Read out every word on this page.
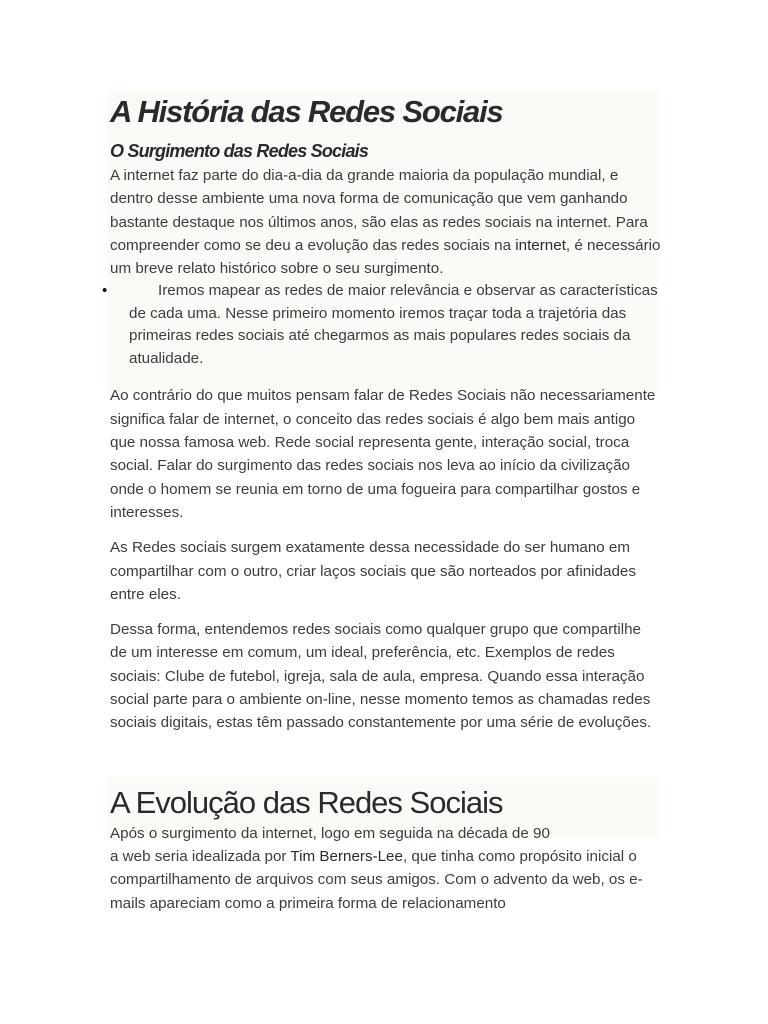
A História das Redes Sociais
O Surgimento das Redes Sociais

A internet faz parte do dia-a-dia da grande maioria da população mundial, e dentro desse ambiente uma nova forma de comunicação que vem ganhando bastante destaque nos últimos anos, são elas as redes sociais na internet. Para compreender como se deu a evolução das redes sociais na internet, é necessário um breve relato histórico sobre o seu surgimento.

•	Iremos mapear as redes de maior relevância e observar as características de cada uma. Nesse primeiro momento iremos traçar toda a trajetória das primeiras redes sociais até chegarmos as mais populares redes sociais da atualidade.

Ao contrário do que muitos pensam falar de Redes Sociais não necessariamente significa falar de internet, o conceito das redes sociais é algo bem mais antigo que nossa famosa web. Rede social representa gente, interação social, troca social. Falar do surgimento das redes sociais nos leva ao início da civilização onde o homem se reunia em torno de uma fogueira para compartilhar gostos e interesses.

As Redes sociais surgem exatamente dessa necessidade do ser humano em compartilhar com o outro, criar laços sociais que são norteados por afinidades entre eles.

Dessa forma, entendemos redes sociais como qualquer grupo que compartilhe de um interesse em comum, um ideal, preferência, etc. Exemplos de redes sociais: Clube de futebol, igreja, sala de aula, empresa. Quando essa interação social parte para o ambiente on-line, nesse momento temos as chamadas redes sociais digitais, estas têm passado constantemente por uma série de evoluções.

A Evolução das Redes Sociais

Após o surgimento da internet, logo em seguida na década de 90
a web seria idealizada por Tim Berners-Lee, que tinha como propósito inicial o compartilhamento de arquivos com seus amigos. Com o advento da web, os e-mails apareciam como a primeira forma de relacionamento
